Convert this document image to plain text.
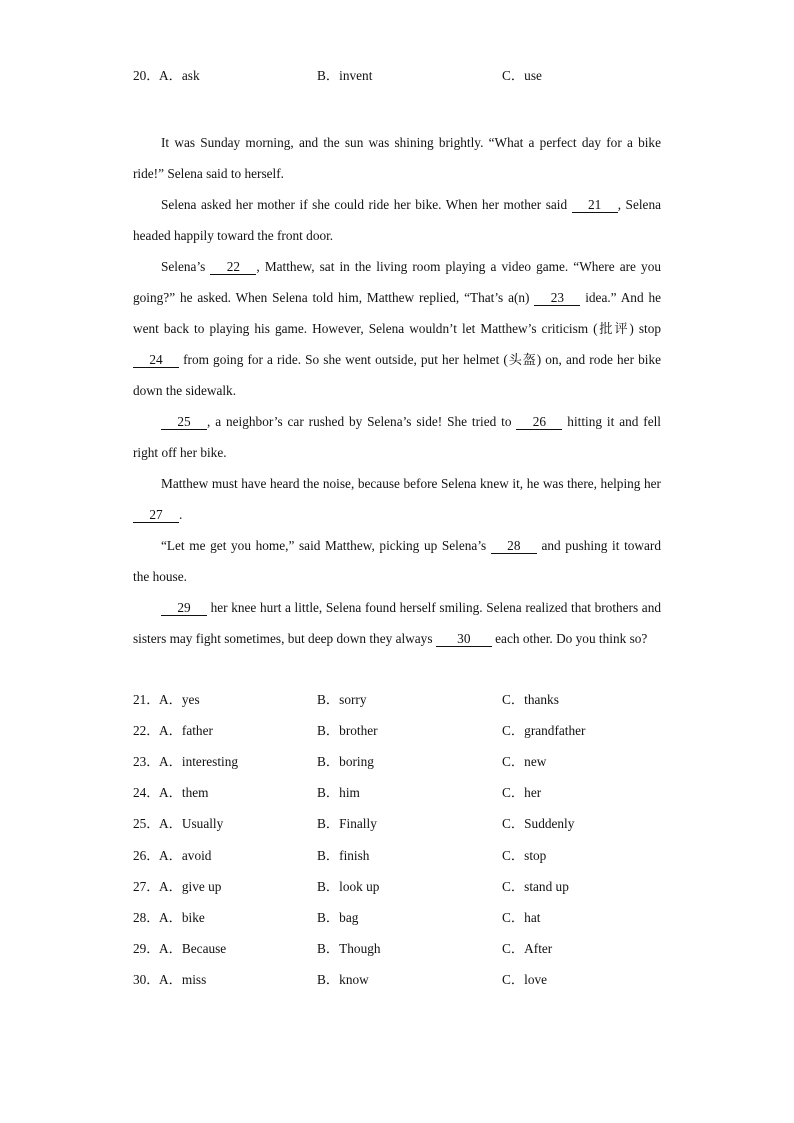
20． A．ask	B．invent	C．use

It was Sunday morning, and the sun was shining brightly. “What a perfect day for a bike ride!” Selena said to herself.

Selena asked her mother if she could ride her bike. When her mother said 21 , Selena headed happily toward the front door.

Selena’s 22 , Matthew, sat in the living room playing a video game. “Where are you going?” he asked. When Selena told him, Matthew replied, “That’s a(n) 23 idea.” And he went back to playing his game. However, Selena wouldn’t let Matthew’s criticism (批评) stop 24 from going for a ride. So she went outside, put her helmet (头盔) on, and rode her bike down the sidewalk.

25 , a neighbor’s car rushed by Selena’s side! She tried to 26 hitting it and fell right off her bike.

Matthew must have heard the noise, because before Selena knew it, he was there, helping her 27 .

“Let me get you home,” said Matthew, picking up Selena’s 28 and pushing it toward the house.

29 her knee hurt a little, Selena found herself smiling. Selena realized that brothers and sisters may fight sometimes, but deep down they always 30 each other. Do you think so?

21． A．yes	B．sorry	C．thanks
22． A．father	B．brother	C．grandfather
23． A．interesting	B．boring	C．new
24． A．them	B．him	C．her
25． A．Usually	B．Finally	C．Suddenly
26． A．avoid	B．finish	C．stop
27． A．give up	B．look up	C．stand up
28． A．bike	B．bag	C．hat
29． A．Because	B．Though	C．After
30． A．miss	B．know	C．love
